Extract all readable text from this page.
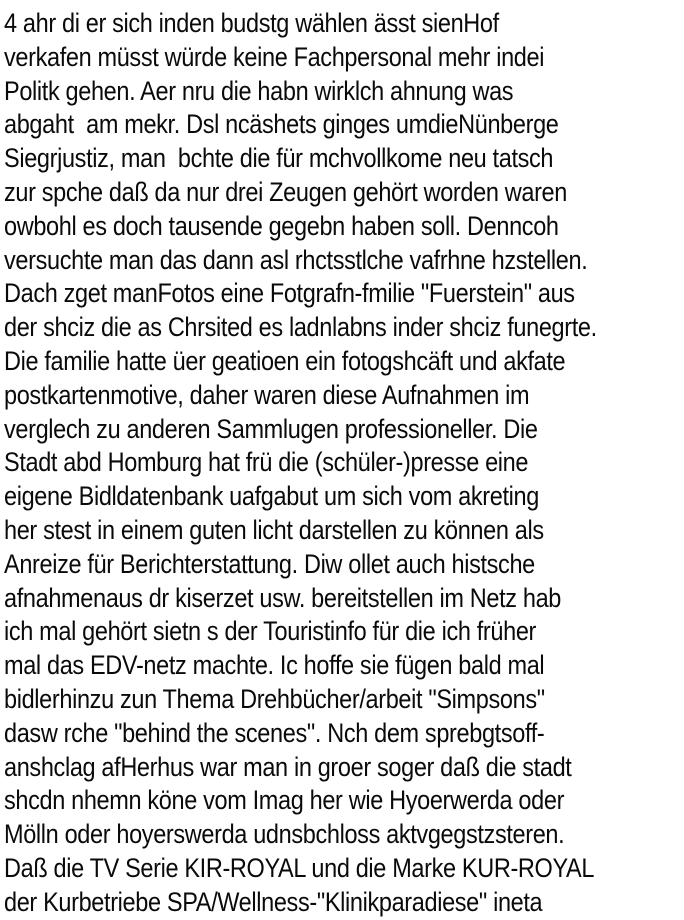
4 ahr di er sich inden budstg wählen ässt sienHof
verkafen müsst würde keine Fachpersonal mehr indei
Politk gehen. Aer nru die habn wirklch ahnung was
abgaht  am mekr. Dsl ncäshets ginges umdieNünberge
Siegrjustiz, man  bchte die für mchvollkome neu tatsch
zur spche daß da nur drei Zeugen gehört worden waren
owbohl es doch tausende gegebn haben soll. Denncoh
versuchte man das dann asl rhctsstlche vafrhne hzstellen.
Dach zget manFotos eine Fotgrafn-fmilie "Fuerstein" aus
der shciz die as Chrsited es ladnlabns inder shciz funegrte.
Die familie hatte üer geatioen ein fotogshcäft und akfate
postkartenmotive, daher waren diese Aufnahmen im
verglech zu anderen Sammlugen professioneller. Die
Stadt abd Homburg hat frü die (schüler-)presse eine
eigene Bidldatenbank uafgabut um sich vom akreting
her stest in einem guten licht darstellen zu können als
Anreize für Berichterstattung. Diw ollet auch histsche
afnahmenaus dr kiserzet usw. bereitstellen im Netz hab
ich mal gehört sietn s der Touristinfo für die ich früher
mal das EDV-netz machte. Ic hoffe sie fügen bald mal
bidlerhinzu zun Thema Drehbücher/arbeit "Simpsons"
dasw rche "behind the scenes". Nch dem sprebgtsoff-
anshclag afHerhus war man in groer soger daß die stadt
shcdn nhemn köne vom Imag her wie Hyoerwerda oder
Mölln oder hoyerswerda udnsbchloss aktvgegstzsteren.
Daß die TV Serie KIR-ROYAL und die Marke KUR-ROYAL
der Kurbetriebe SPA/Wellness-"Klinikparadiese" ineta
